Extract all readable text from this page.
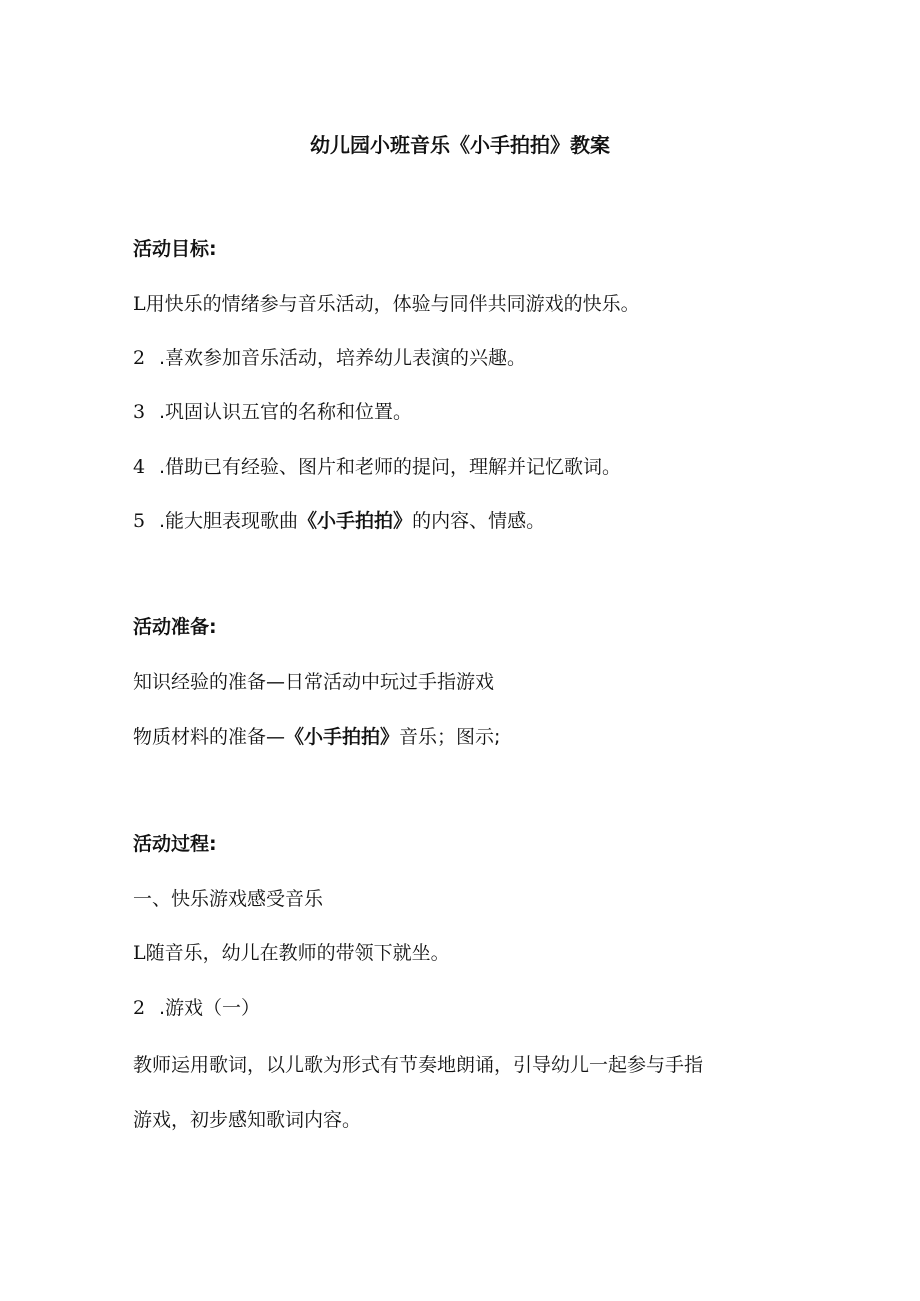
幼儿园小班音乐《小手拍拍》教案
活动目标:
L用快乐的情绪参与音乐活动，体验与同伴共同游戏的快乐。
2 .喜欢参加音乐活动，培养幼儿表演的兴趣。
3 .巩固认识五官的名称和位置。
4 .借助已有经验、图片和老师的提问，理解并记忆歌词。
5 .能大胆表现歌曲《小手拍拍》的内容、情感。
活动准备:
知识经验的准备—日常活动中玩过手指游戏
物质材料的准备—《小手拍拍》音乐；图示;
活动过程:
一、快乐游戏感受音乐
L随音乐，幼儿在教师的带领下就坐。
2 .游戏（一）
教师运用歌词，以儿歌为形式有节奏地朗诵，引导幼儿一起参与手指
游戏，初步感知歌词内容。
